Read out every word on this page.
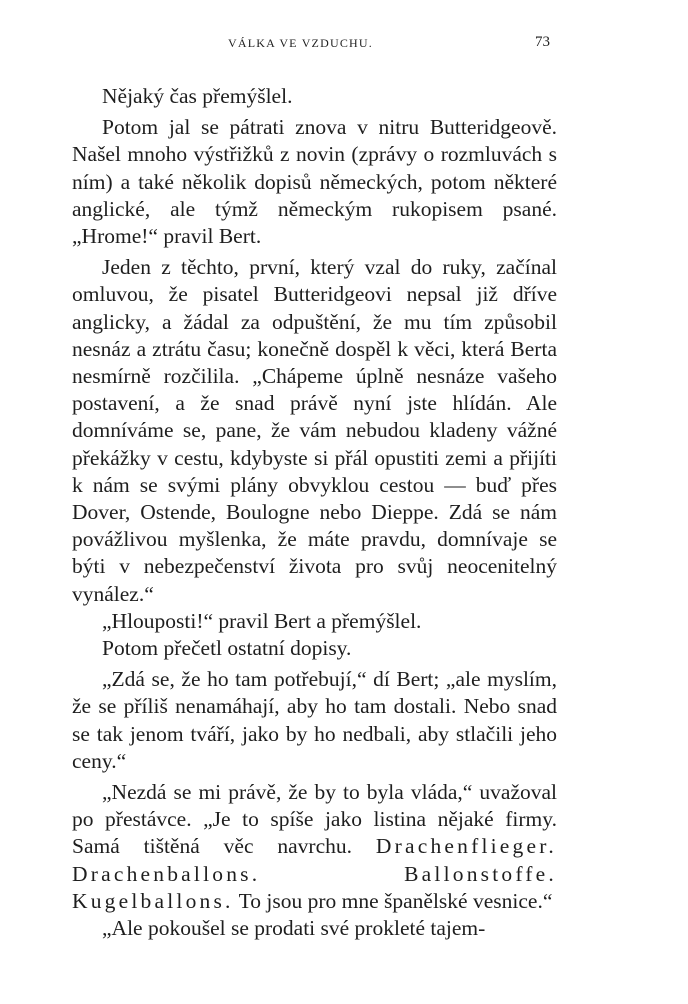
VÁLKA VE VZDUCHU.	73

Nějaký čas přemýšlel.

Potom jal se pátrati znova v nitru Butteridgeově. Našel mnoho výstřižků z novin (zprávy o rozmluvách s ním) a také několik dopisů německých, potom některé anglické, ale týmž německým rukopisem psané. „Hrome!“ pravil Bert.

Jeden z těchto, první, který vzal do ruky, začínal omluvou, že pisatel Butteridgeovi nepsal již dříve anglicky, a žádal za odpuštění, že mu tím způsobil nesnáz a ztrátu času; konečně dospěl k věci, která Berta nesmírně rozčilila. „Chápeme úplně nesnáze vašeho postavení, a že snad právě nyní jste hlídán. Ale domníváme se, pane, že vám nebudou kladeny vážné překážky v cestu, kdybyste si přál opustiti zemi a přijíti k nám se svými plány obvyklou cestou — buď přes Dover, Ostende, Boulogne nebo Dieppe. Zdá se nám povážlivou myšlenka, že máte pravdu, domnívaje se býti v nebezpečenství života pro svůj neocenitelný vynález.“

„Hlouposti!“ pravil Bert a přemýšlel.

Potom přečetl ostatní dopisy.

„Zdá se, že ho tam potřebují,“ dí Bert; „ale myslím, že se příliš nenamáhají, aby ho tam dostali. Nebo snad se tak jenom tváří, jako by ho nedbali, aby stlačili jeho ceny.“

„Nezdá se mi právě, že by to byla vláda,“ uvažoval po přestávce. „Je to spíše jako listina nějaké firmy. Samá tištěná věc navrchu. Drachenflieger. Drachenballons. Ballonstoffe. Kugelballons. To jsou pro mne španělské vesnice.“

„Ale pokoušel se prodati své prokleté tajem-
